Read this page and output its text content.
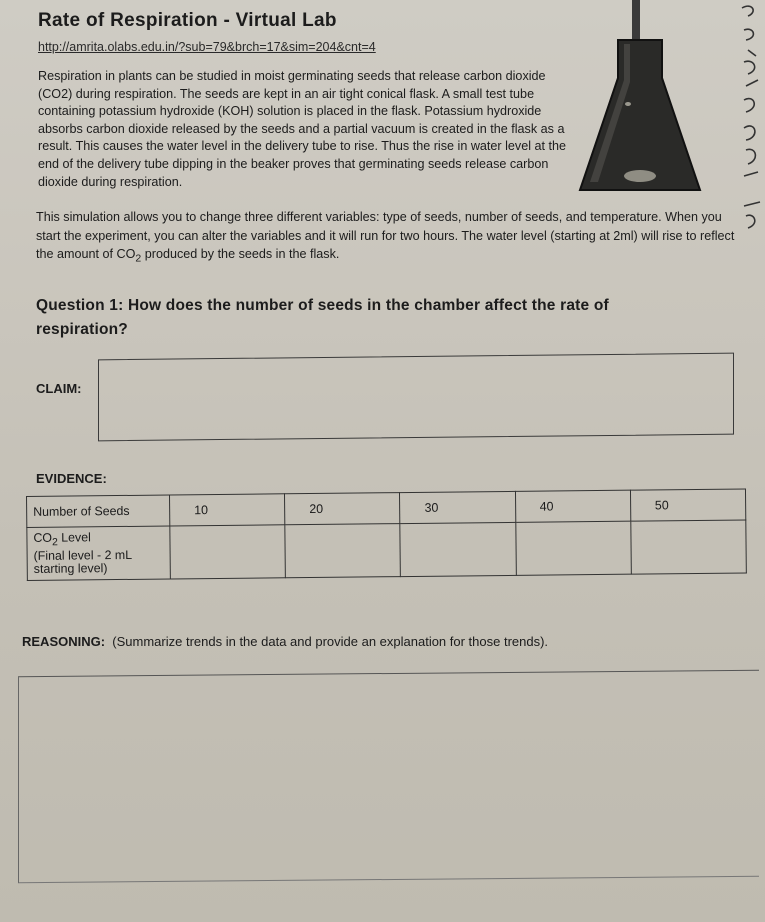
Rate of Respiration - Virtual Lab
http://amrita.olabs.edu.in/?sub=79&brch=17&sim=204&cnt=4
Respiration in plants can be studied in moist germinating seeds that release carbon dioxide (CO2) during respiration. The seeds are kept in an air tight conical flask. A small test tube containing potassium hydroxide (KOH) solution is placed in the flask. Potassium hydroxide absorbs carbon dioxide released by the seeds and a partial vacuum is created in the flask as a result. This causes the water level in the delivery tube to rise. Thus the rise in water level at the end of the delivery tube dipping in the beaker proves that germinating seeds release carbon dioxide during respiration.
This simulation allows you to change three different variables: type of seeds, number of seeds, and temperature. When you start the experiment, you can alter the variables and it will run for two hours. The water level (starting at 2ml) will rise to reflect the amount of $CO_2$ produced by the seeds in the flask.
Question 1: How does the number of seeds in the chamber affect the rate of respiration?
CLAIM:
EVIDENCE:
Number of Seeds	10	20	30	40	50
$CO_2$ Level
(Final level - 2 mL
starting level)					
REASONING: (Summarize trends in the data and provide an explanation for those trends).
